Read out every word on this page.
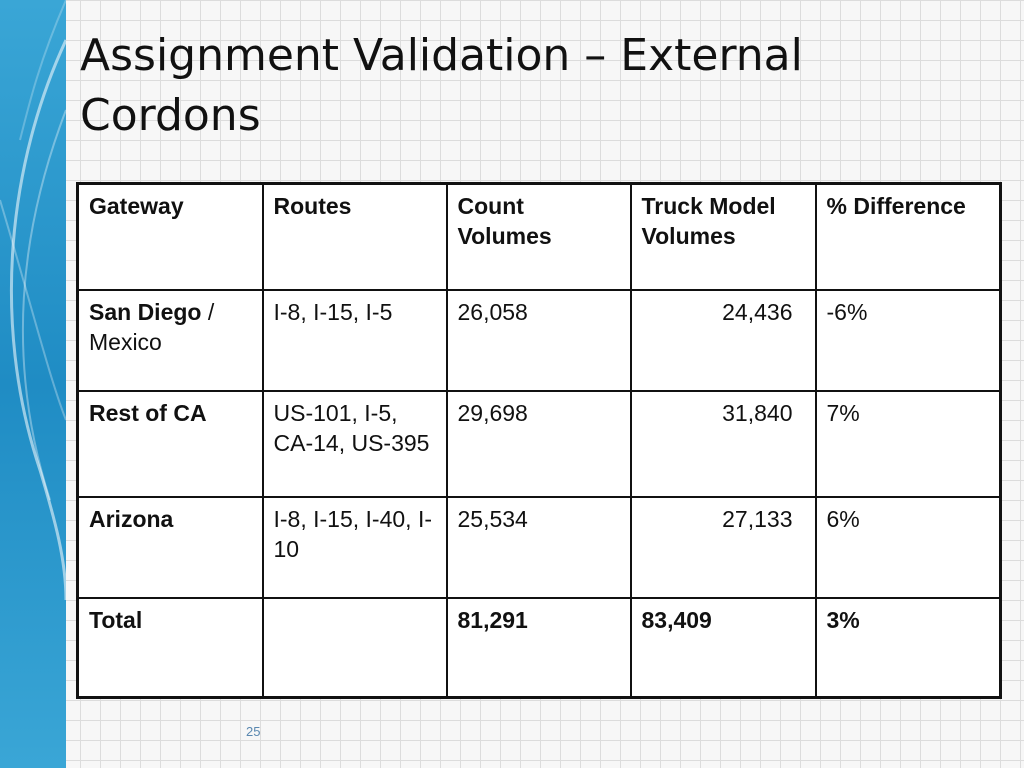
Assignment Validation – External Cordons
Gateway	Routes	Count Volumes	Truck Model Volumes	% Difference
San Diego / Mexico	I-8, I-15, I-5	26,058	24,436	-6%
Rest of CA	US-101, I-5, CA-14, US-395	29,698	31,840	7%
Arizona	I-8, I-15, I-40, I-10	25,534	27,133	6%
Total		81,291	83,409	3%
25
